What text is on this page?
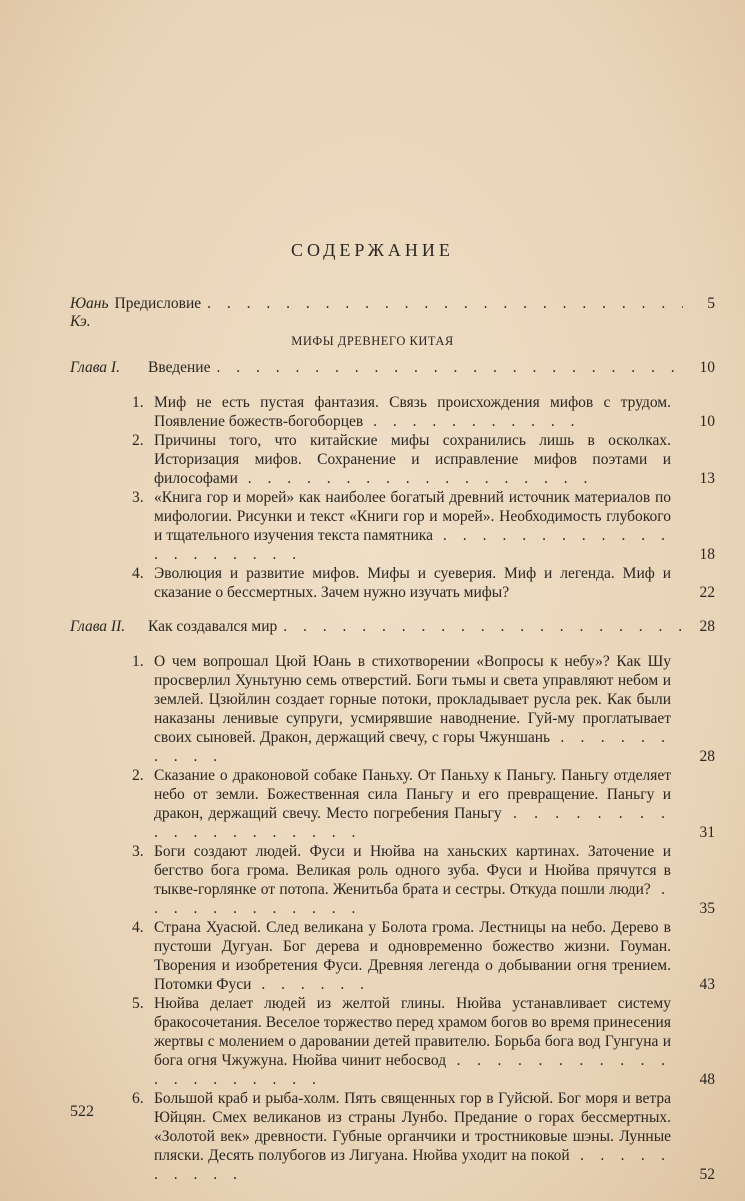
СОДЕРЖАНИЕ
Юань Кэ.
Предисловие . . .	5
МИФЫ ДРЕВНЕГО КИТАЯ
Глава I.	Введение . . .	10
1. Миф не есть пустая фантазия. Связь происхождения мифов с трудом. Появление божеств-богоборцев . . . . . . . . . . .	10
2. Причины того, что китайские мифы сохранились лишь в осколках. Историзация мифов. Сохранение и исправление мифов поэтами и философами . . . . . . . . . . . . . . . . . .	13
3. «Книга гор и морей» как наиболее богатый древний источник материалов по мифологии. Рисунки и текст «Книги гор и морей». Необходимость глубокого и тщательного изучения текста памятника . . . . . . . . . . . . . . . . . . . .	18
4. Эволюция и развитие мифов. Мифы и суеверия. Миф и легенда. Миф и сказание о бессмертных. Зачем нужно изучать мифы?	22
Глава II.	Как создавался мир . . .	28
1. О чем вопрошал Цюй Юань в стихотворении «Вопросы к небу»? Как Шу просверлил Хуньтуню семь отверстий. Боги тьмы и света управляют небом и землей. Цзюйлин создает горные потоки, прокладывает русла рек. Как были наказаны ленивые супруги, усмирявшие наводнение. Гуй-му проглатывает своих сыновей. Дракон, держащий свечу, с горы Чжуншань . . . . . . . . . .	28
2. Сказание о драконовой собаке Паньху. От Паньху к Паньгу. Паньгу отделяет небо от земли. Божественная сила Паньгу и его превращение. Паньгу и дракон, держащий свечу. Место погребения Паньгу . . . . . . . . . . . . . . . . . . .	31
3. Боги создают людей. Фуси и Нюйва на ханьских картинах. Заточение и бегство бога грома. Великая роль одного зуба. Фуси и Нюйва прячутся в тыкве-горлянке от потопа. Женитьба брата и сестры. Откуда пошли люди? . . . . . . . . . . . .	35
4. Страна Хуасюй. След великана у Болота грома. Лестницы на небо. Дерево в пустоши Дугуан. Бог дерева и одновременно божество жизни. Гоуман. Творения и изобретения Фуси. Древняя легенда о добывании огня трением. Потомки Фуси . . . . . .	43
5. Нюйва делает людей из желтой глины. Нюйва устанавливает систему бракосочетания. Веселое торжество перед храмом богов во время принесения жертвы с молением о даровании детей правителю. Борьба бога вод Гунгуна и бога огня Чжужуна. Нюйва чинит небосвод . . . . . . . . . . . . . . . . . . . .	48
6. Большой краб и рыба-холм. Пять священных гор в Гуйсюй. Бог моря и ветра Юйцян. Смех великанов из страны Лунбо. Предание о горах бессмертных. «Золотой век» древности. Губные органчики и тростниковые шэны. Лунные пляски. Десять полубогов из Лигуана. Нюйва уходит на покой . . . . . . . . . .	52
522
